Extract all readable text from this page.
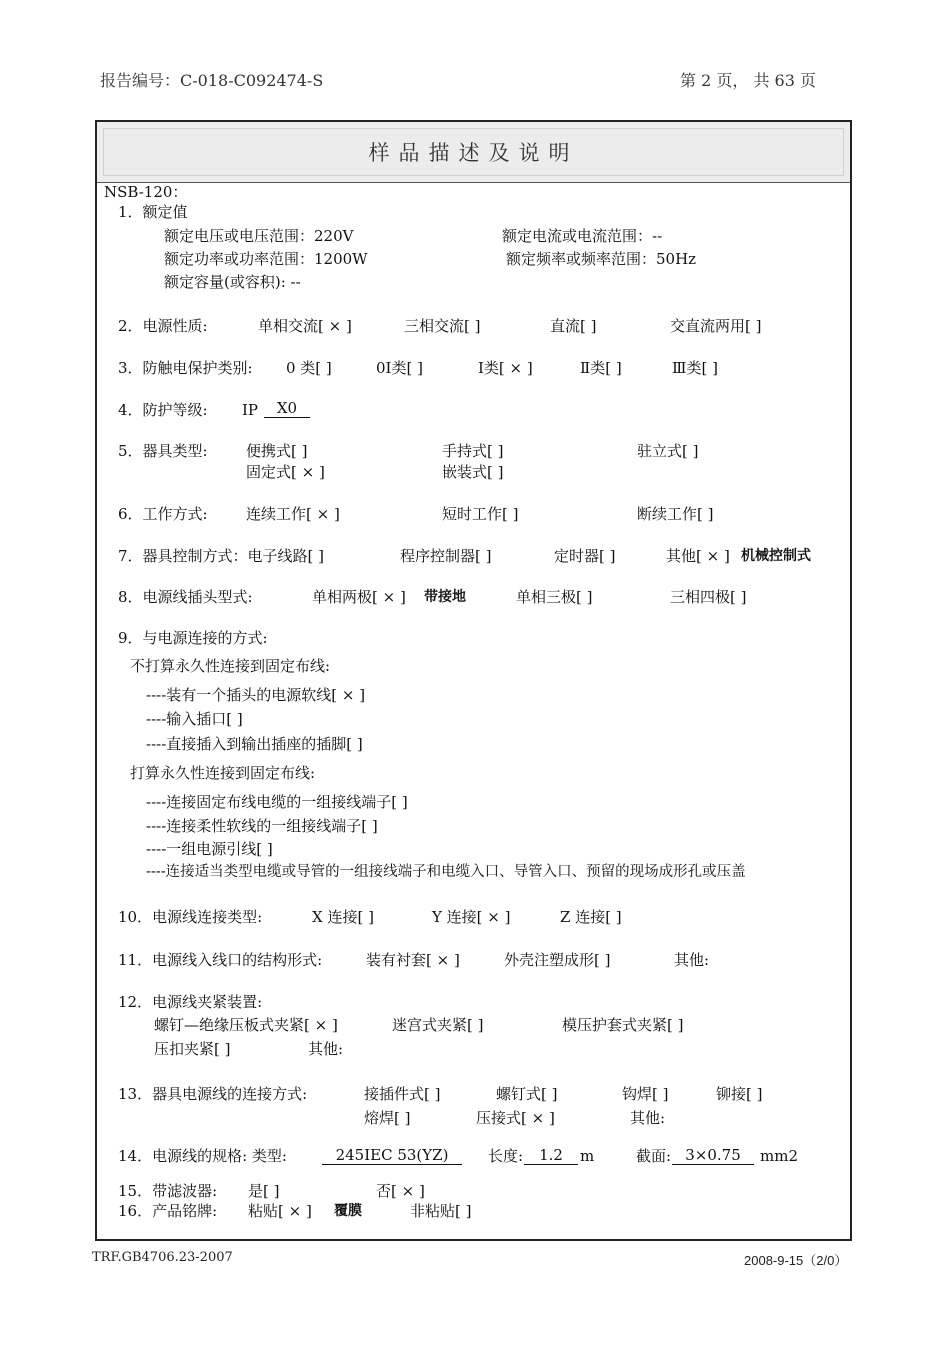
报告编号：C-018-C092474-S	第 2 页， 共 63 页
样品描述及说明
NSB-120：
1．额定值
额定电压或电压范围：220V	额定电流或电流范围：--
额定功率或功率范围：1200W	额定频率或频率范围：50Hz
额定容量(或容积): --
2．电源性质:	单相交流[ × ]	三相交流[ ]	直流[ ]	交直流两用[ ]
3．防触电保护类别: 0 类[ ]	0Ⅰ类[ ]	Ⅰ类[ × ]	Ⅱ类[ ]	Ⅲ类[ ]
4．防护等级: IP	X0
5．器具类型:	便携式[ ]	手持式[ ]	驻立式[ ]
固定式[ × ]	嵌装式[ ]
6．工作方式:	连续工作[ × ]	短时工作[ ]	断续工作[ ]
7．器具控制方式：电子线路[ ]	程序控制器[ ]	定时器[ ]	其他[ × ] 机械控制式
8．电源线插头型式:	单相两极[ × ] 带接地	单相三极[ ]	三相四极[ ]
9．与电源连接的方式:
不打算永久性连接到固定布线:
----装有一个插头的电源软线[ × ]
----输入插口[ ]
----直接插入到输出插座的插脚[ ]
打算永久性连接到固定布线:
----连接固定布线电缆的一组接线端子[ ]
----连接柔性软线的一组接线端子[ ]
----一组电源引线[ ]
----连接适当类型电缆或导管的一组接线端子和电缆入口、导管入口、预留的现场成形孔或压盖
10．电源线连接类型:	X 连接[ ]	Y 连接[ × ]	Z 连接[ ]
11．电源线入线口的结构形式:	装有衬套[ × ]	外壳注塑成形[ ]	其他:
12．电源线夹紧装置:
螺钉—绝缘压板式夹紧[ × ]	迷宫式夹紧[ ]	模压护套式夹紧[ ]
压扣夹紧[ ]	其他:
13．器具电源线的连接方式:	接插件式[ ]	螺钉式[ ]	钩焊[ ]	铆接[ ]
熔焊[ ]	压接式[ × ]	其他:
14．电源线的规格: 类型:	245IEC 53(YZ)	长度:	1.2	m	截面: 3×0.75	mm2
15．带滤波器: 是[ ]	否[ × ]
16．产品铭牌: 粘贴[ × ] 覆膜	非粘贴[ ]
TRF.GB4706.23-2007	2008-9-15（2/0）
